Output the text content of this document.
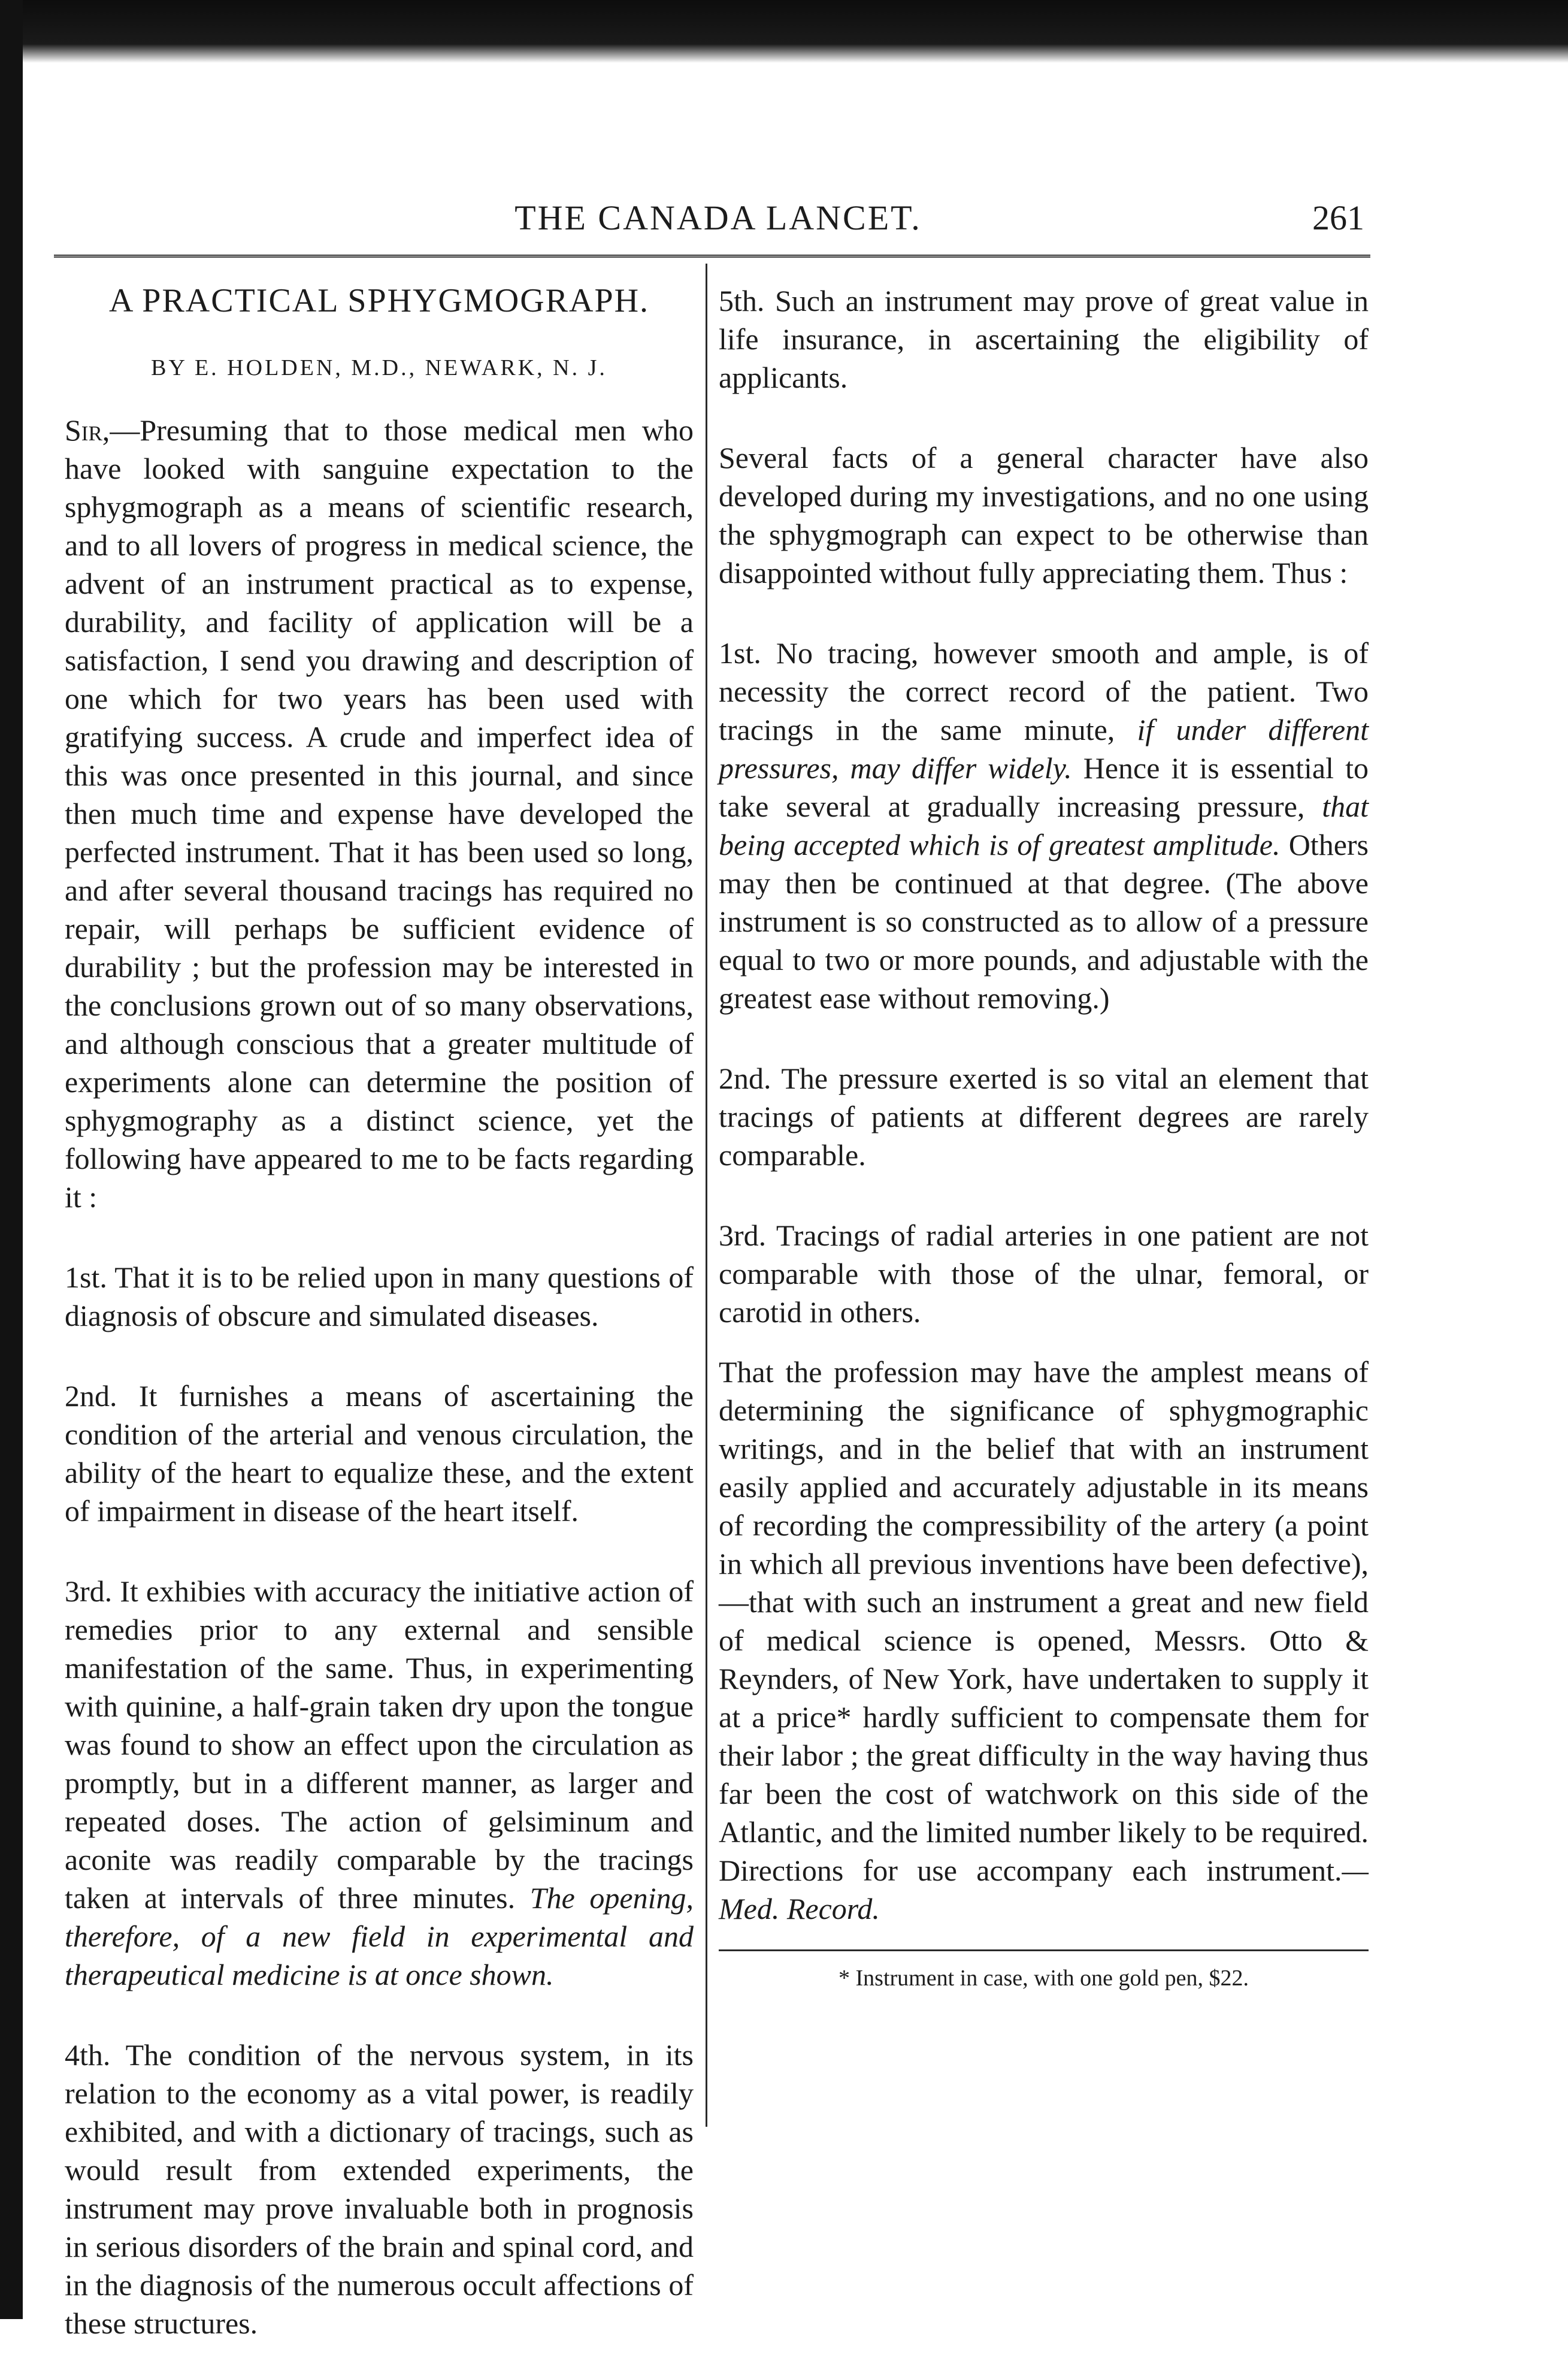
THE CANADA LANCET.	261
A PRACTICAL SPHYGMOGRAPH.
BY E. HOLDEN, M.D., NEWARK, N. J.

Sir,—Presuming that to those medical men who have looked with sanguine expectation to the sphygmograph as a means of scientific research, and to all lovers of progress in medical science, the advent of an instrument practical as to expense, durability, and facility of application will be a satisfaction, I send you drawing and description of one which for two years has been used with gratifying success. A crude and imperfect idea of this was once presented in this journal, and since then much time and expense have developed the perfected instrument. That it has been used so long, and after several thousand tracings has required no repair, will perhaps be sufficient evidence of durability ; but the profession may be interested in the conclusions grown out of so many observations, and although conscious that a greater multitude of experiments alone can determine the position of sphygmography as a distinct science, yet the following have appeared to me to be facts regarding it :

1st. That it is to be relied upon in many questions of diagnosis of obscure and simulated diseases.

2nd. It furnishes a means of ascertaining the condition of the arterial and venous circulation, the ability of the heart to equalize these, and the extent of impairment in disease of the heart itself.

3rd. It exhibies with accuracy the initiative action of remedies prior to any external and sensible manifestation of the same. Thus, in experimenting with quinine, a half-grain taken dry upon the tongue was found to show an effect upon the circulation as promptly, but in a different manner, as larger and repeated doses. The action of gelsiminum and aconite was readily comparable by the tracings taken at intervals of three minutes. The opening, therefore, of a new field in experimental and therapeutical medicine is at once shown.

4th. The condition of the nervous system, in its relation to the economy as a vital power, is readily exhibited, and with a dictionary of tracings, such as would result from extended experiments, the instrument may prove invaluable both in prognosis in serious disorders of the brain and spinal cord, and in the diagnosis of the numerous occult affections of these structures.

5th. Such an instrument may prove of great value in life insurance, in ascertaining the eligibility of applicants.

Several facts of a general character have also developed during my investigations, and no one using the sphygmograph can expect to be otherwise than disappointed without fully appreciating them. Thus :

1st. No tracing, however smooth and ample, is of necessity the correct record of the patient. Two tracings in the same minute, if under different pressures, may differ widely. Hence it is essential to take several at gradually increasing pressure, that being accepted which is of greatest amplitude. Others may then be continued at that degree. (The above instrument is so constructed as to allow of a pressure equal to two or more pounds, and adjustable with the greatest ease without removing.)

2nd. The pressure exerted is so vital an element that tracings of patients at different degrees are rarely comparable.

3rd. Tracings of radial arteries in one patient are not comparable with those of the ulnar, femoral, or carotid in others.

That the profession may have the amplest means of determining the significance of sphygmographic writings, and in the belief that with an instrument easily applied and accurately adjustable in its means of recording the compressibility of the artery (a point in which all previous inventions have been defective),—that with such an instrument a great and new field of medical science is opened, Messrs. Otto & Reynders, of New York, have undertaken to supply it at a price* hardly sufficient to compensate them for their labor ; the great difficulty in the way having thus far been the cost of watchwork on this side of the Atlantic, and the limited number likely to be required. Directions for use accompany each instrument.—Med. Record.

* Instrument in case, with one gold pen, $22.
